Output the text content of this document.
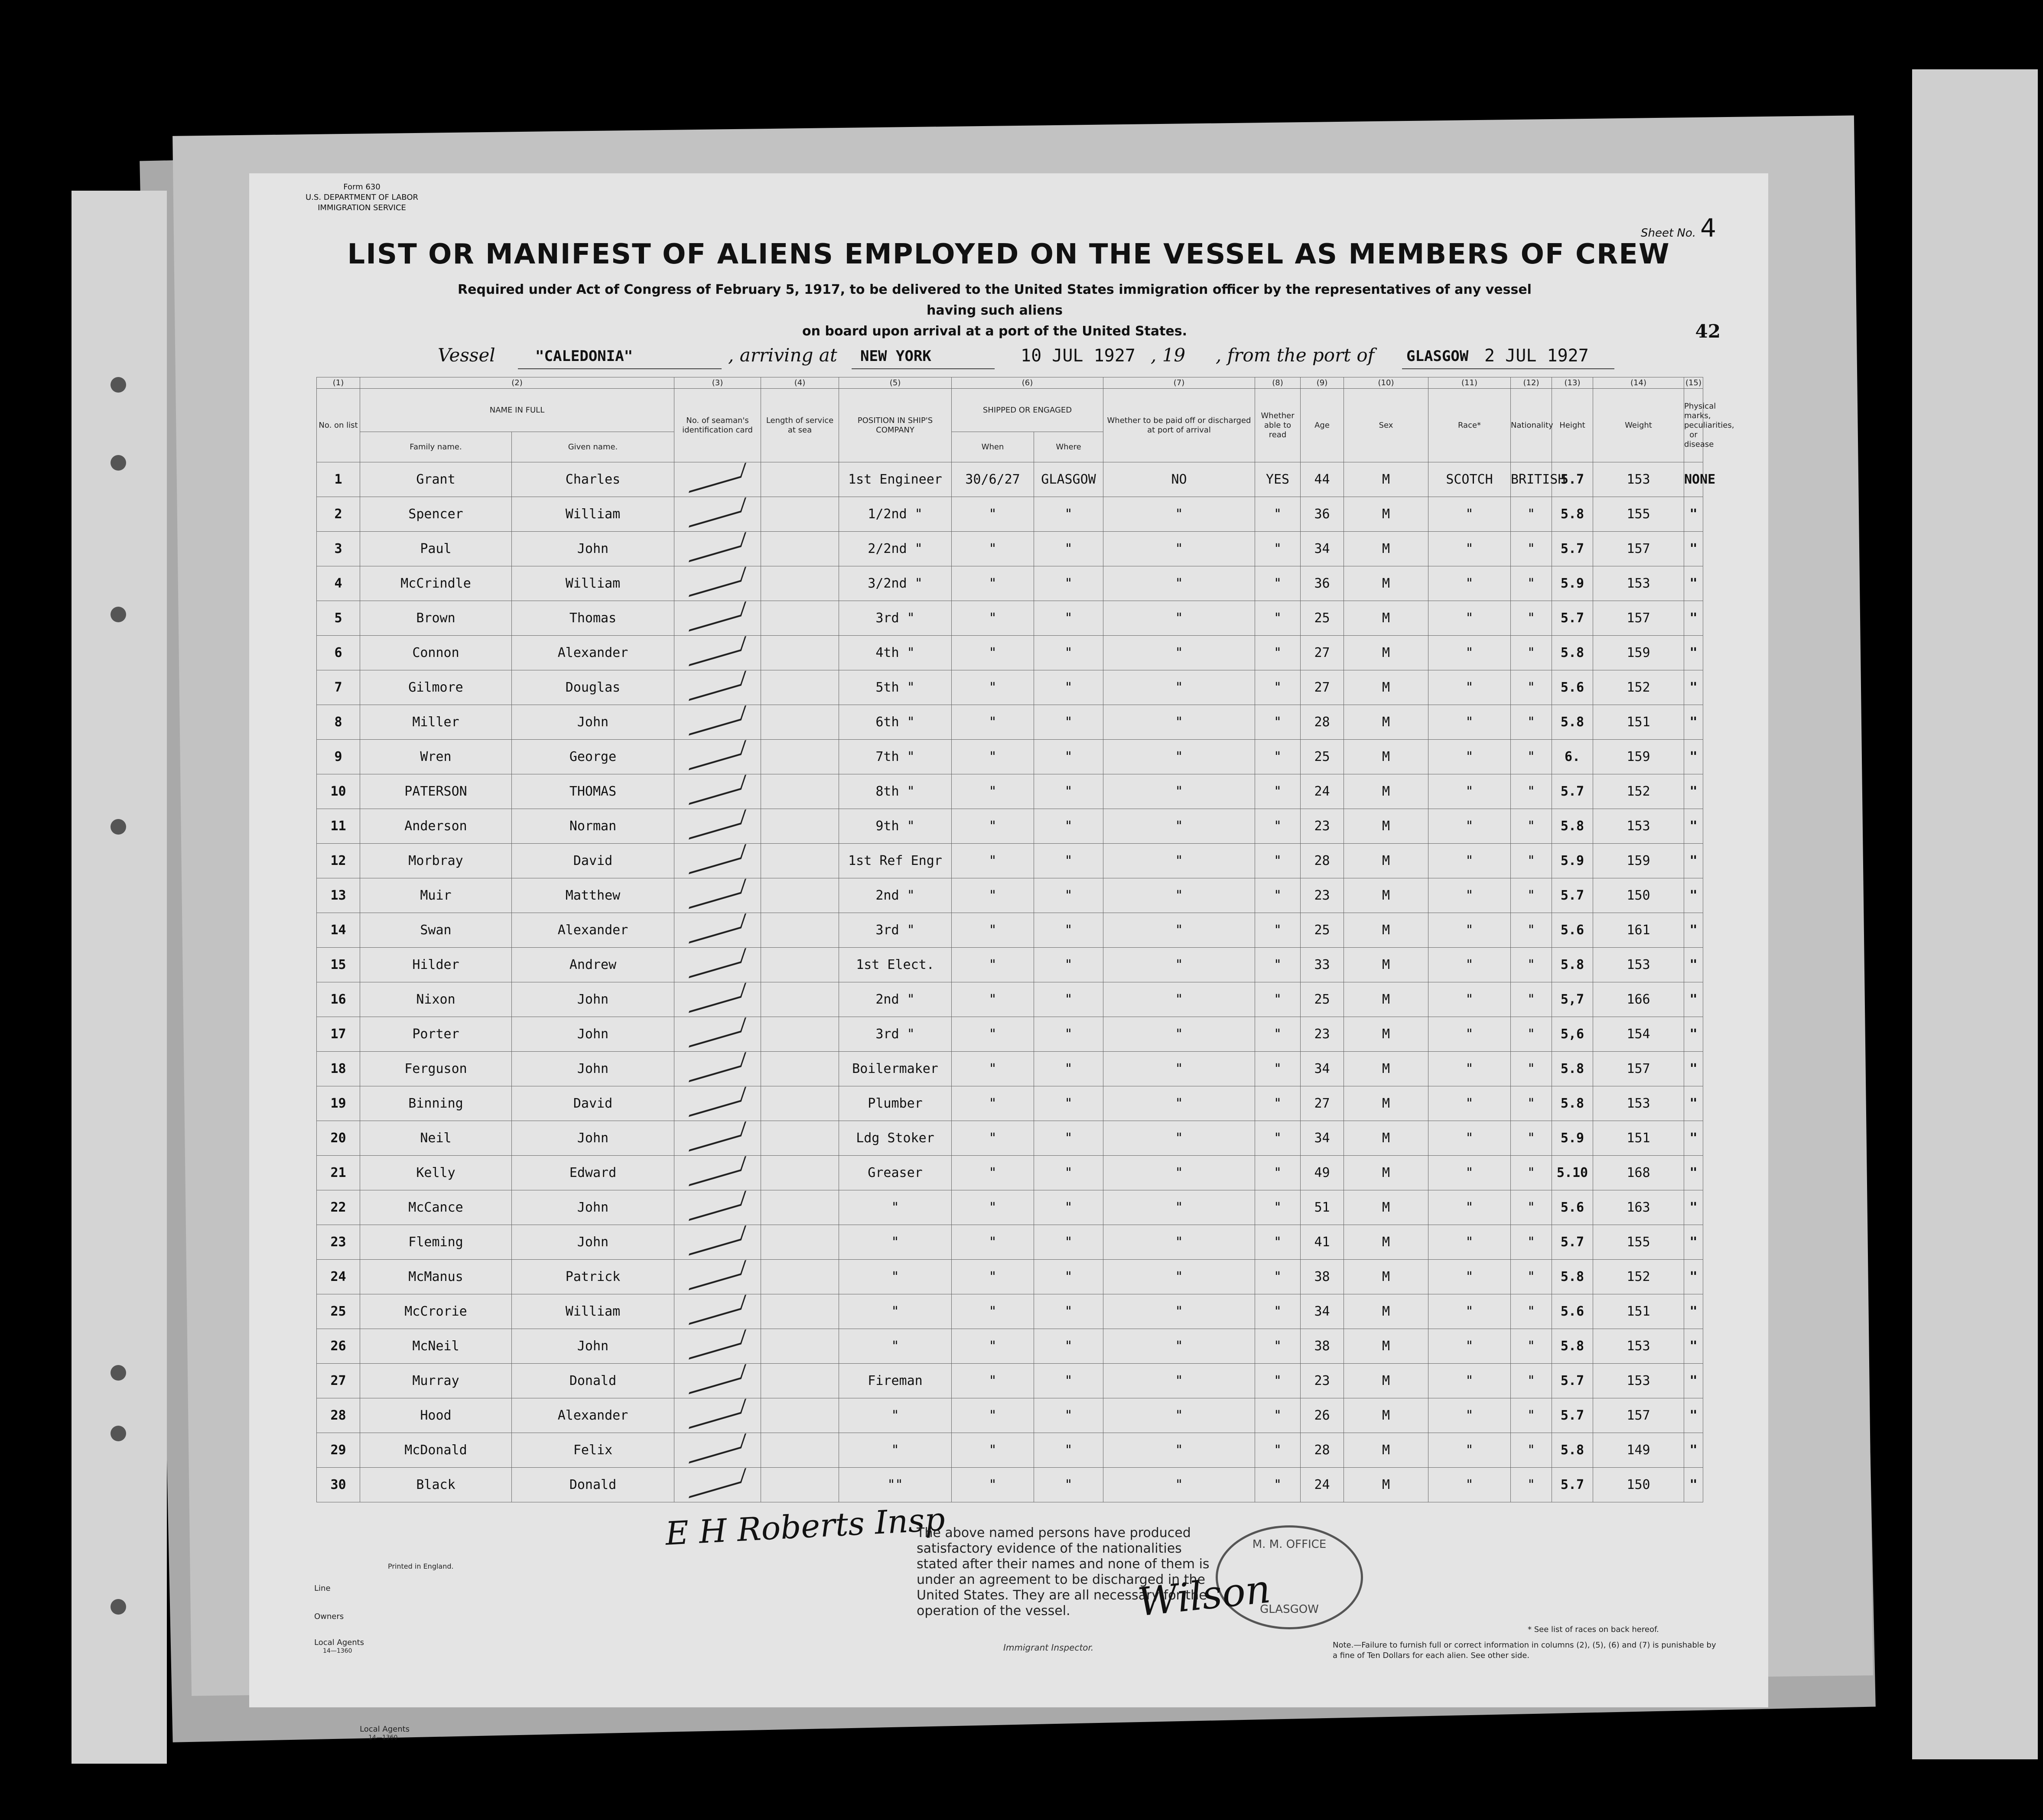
Form 630
U.S. DEPARTMENT OF LABOR
IMMIGRATION SERVICE
Sheet No. 4
LIST OR MANIFEST OF ALIENS EMPLOYED ON THE VESSEL AS MEMBERS OF CREW
Required under Act of Congress of February 5, 1917, to be delivered to the United States immigration officer by the representatives of any vessel having such aliens
on board upon arrival at a port of the United States.	42
Vessel	"CALEDONIA"	, arriving at NEW YORK	10 JUL 1927 , 19 , from the port of GLASGOW 2 JUL 1927
(1)	(2)		(3)	(4)	(5)	(6)		(7)	(8)	(9)	(10)	(11)	(12)	(13)	(14)	(15)
No. on list	NAME IN FULL		No. of seaman's identification card	Length of service at sea	POSITION IN SHIP'S COMPANY	SHIPPED OR ENGAGED		Whether to be paid off or discharged at port of arrival	Whether able to read	Age	Sex	Race*	Nationality	Height	Weight	Physical marks, peculiarities, or disease
	Family name.	Given name.				When	Where									
1	Grant	Charles			1st Engineer	30/6/27	GLASGOW	NO	YES	44	M	SCOTCH	BRITISH	5.7	153	NONE
2	Spencer	William			1/2nd "	"	"	"	"	36	M	"	"	5.8	155	"
3	Paul	John			2/2nd "	"	"	"	"	34	M	"	"	5.7	157	"
4	McCrindle	William			3/2nd "	"	"	"	"	36	M	"	"	5.9	153	"
5	Brown	Thomas			3rd "	"	"	"	"	25	M	"	"	5.7	157	"
6	Connon	Alexander			4th "	"	"	"	"	27	M	"	"	5.8	159	"
7	Gilmore	Douglas			5th "	"	"	"	"	27	M	"	"	5.6	152	"
8	Miller	John			6th "	"	"	"	"	28	M	"	"	5.8	151	"
9	Wren	George			7th "	"	"	"	"	25	M	"	"	6.	159	"
10	PATERSON	THOMAS			8th "	"	"	"	"	24	M	"	"	5.7	152	"
11	Anderson	Norman			9th "	"	"	"	"	23	M	"	"	5.8	153	"
12	Morbray	David			1st Ref Engr	"	"	"	"	28	M	"	"	5.9	159	"
13	Muir	Matthew			2nd "	"	"	"	"	23	M	"	"	5.7	150	"
14	Swan	Alexander			3rd "	"	"	"	"	25	M	"	"	5.6	161	"
15	Hilder	Andrew			1st Elect.	"	"	"	"	33	M	"	"	5.8	153	"
16	Nixon	John			2nd "	"	"	"	"	25	M	"	"	5,7	166	"
17	Porter	John			3rd "	"	"	"	"	23	M	"	"	5,6	154	"
18	Ferguson	John			Boilermaker	"	"	"	"	34	M	"	"	5.8	157	"
19	Binning	David			Plumber	"	"	"	"	27	M	"	"	5.8	153	"
20	Neil	John			Ldg Stoker	"	"	"	"	34	M	"	"	5.9	151	"
21	Kelly	Edward			Greaser	"	"	"	"	49	M	"	"	5.10	168	"
22	McCance	John			"	"	"	"	"	51	M	"	"	5.6	163	"
23	Fleming	John			"	"	"	"	"	41	M	"	"	5.7	155	"
24	McManus	Patrick			"	"	"	"	"	38	M	"	"	5.8	152	"
25	McCrorie	William			"	"	"	"	"	34	M	"	"	5.6	151	"
26	McNeil	John			"	"	"	"	"	38	M	"	"	5.8	153	"
27	Murray	Donald			Fireman	"	"	"	"	23	M	"	"	5.7	153	"
28	Hood	Alexander			"	"	"	"	"	26	M	"	"	5.7	157	"
29	McDonald	Felix			"	"	"	"	"	28	M	"	"	5.8	149	"
30	Black	Donald			""	"	"	"	"	24	M	"	"	5.7	150	"
Printed in England.
Line
Owners
Local Agents
14—1360
E H Roberts Insp
The above named persons have produced satisfactory evidence of the nationalities stated after their names and none of them is under an agreement to be discharged in the United States. They are all necessary for the operation of the vessel.
M. M. OFFICE
GLASGOW
Wilson
Immigrant Inspector.
* See list of races on back hereof.
Note.—Failure to furnish full or correct information in columns (2), (5), (6) and (7) is punishable by a fine of Ten Dollars for each alien. See other side.
Local Agents
14—1360
